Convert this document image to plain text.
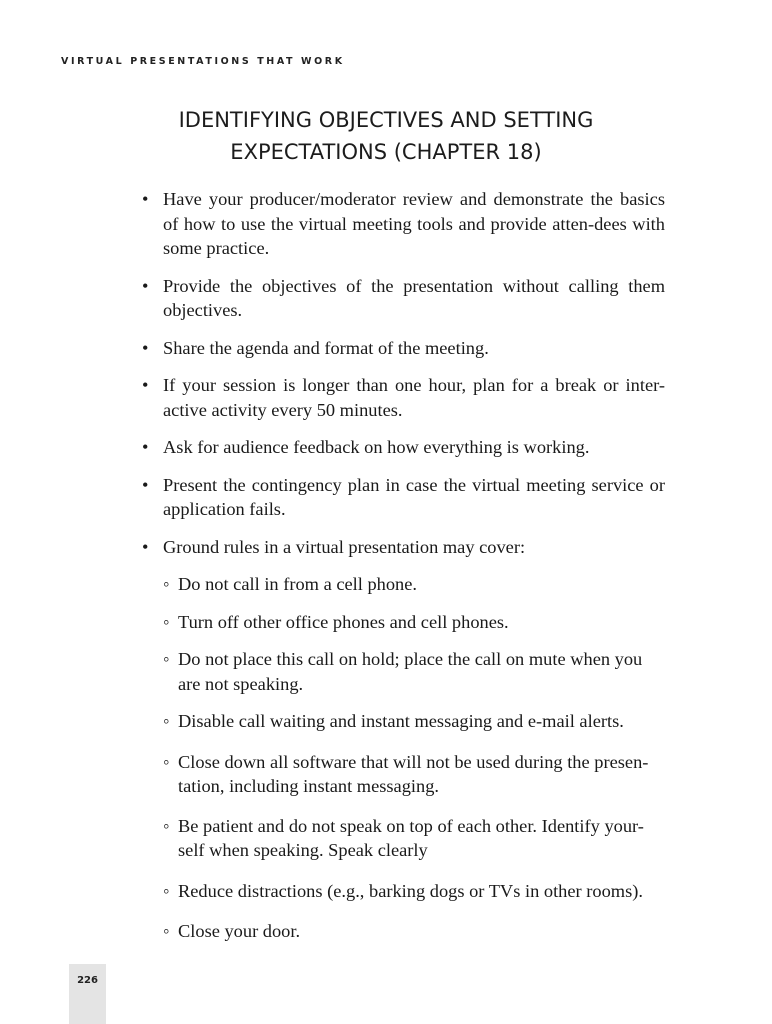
VIRTUAL PRESENTATIONS THAT WORK
IDENTIFYING OBJECTIVES AND SETTING
EXPECTATIONS (CHAPTER 18)
• Have your producer/moderator review and demonstrate the basics of how to use the virtual meeting tools and provide atten-dees with some practice.
• Provide the objectives of the presentation without calling them objectives.
• Share the agenda and format of the meeting.
• If your session is longer than one hour, plan for a break or inter-active activity every 50 minutes.
• Ask for audience feedback on how everything is working.
• Present the contingency plan in case the virtual meeting service or application fails.
• Ground rules in a virtual presentation may cover:
◦ Do not call in from a cell phone.
◦ Turn off other office phones and cell phones.
◦ Do not place this call on hold; place the call on mute when you are not speaking.
◦ Disable call waiting and instant messaging and e-mail alerts.
◦ Close down all software that will not be used during the presen-tation, including instant messaging.
◦ Be patient and do not speak on top of each other. Identify your-self when speaking. Speak clearly
◦ Reduce distractions (e.g., barking dogs or TVs in other rooms).
◦ Close your door.
226
